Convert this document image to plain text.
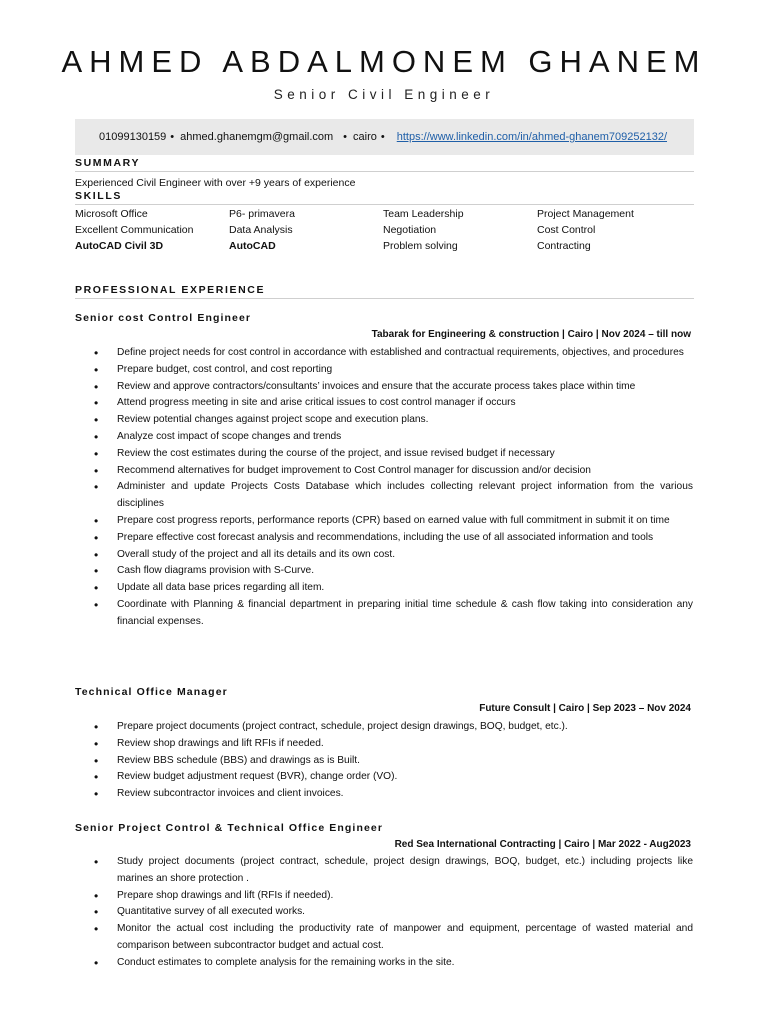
AHMED ABDALMONEM GHANEM
Senior Civil Engineer
01099130159 • ahmed.ghanemgm@gmail.com • cairo • https://www.linkedin.com/in/ahmed-ghanem709252132/
SUMMARY
Experienced Civil Engineer with over +9 years of experience
SKILLS
Microsoft Office	P6- primavera	Team Leadership	Project Management
Excellent Communication	Data Analysis	Negotiation	Cost Control
AutoCAD Civil 3D	AutoCAD	Problem solving	Contracting
PROFESSIONAL EXPERIENCE
Senior cost Control Engineer
Tabarak for Engineering & construction | Cairo | Nov 2024 – till now
• Define project needs for cost control in accordance with established and contractual requirements, objectives, and procedures
• Prepare budget, cost control, and cost reporting
• Review and approve contractors/consultants’ invoices and ensure that the accurate process takes place within time
• Attend progress meeting in site and arise critical issues to cost control manager if occurs
• Review potential changes against project scope and execution plans.
• Analyze cost impact of scope changes and trends
• Review the cost estimates during the course of the project, and issue revised budget if necessary
• Recommend alternatives for budget improvement to Cost Control manager for discussion and/or decision
• Administer and update Projects Costs Database which includes collecting relevant project information from the various disciplines
• Prepare cost progress reports, performance reports (CPR) based on earned value with full commitment in submit it on time
• Prepare effective cost forecast analysis and recommendations, including the use of all associated information and tools
• Overall study of the project and all its details and its own cost.
• Cash flow diagrams provision with S-Curve.
• Update all data base prices regarding all item.
• Coordinate with Planning & financial department in preparing initial time schedule & cash flow taking into consideration any financial expenses.
Technical Office Manager
Future Consult | Cairo | Sep 2023 – Nov 2024
• Prepare project documents (project contract, schedule, project design drawings, BOQ, budget, etc.).
• Review shop drawings and lift RFIs if needed.
• Review BBS schedule (BBS) and drawings as is Built.
• Review budget adjustment request (BVR), change order (VO).
• Review subcontractor invoices and client invoices.
Senior Project Control & Technical Office Engineer
Red Sea International Contracting | Cairo | Mar 2022 - Aug2023
• Study project documents (project contract, schedule, project design drawings, BOQ, budget, etc.) including projects like marines an shore protection .
• Prepare shop drawings and lift (RFIs if needed).
• Quantitative survey of all executed works.
• Monitor the actual cost including the productivity rate of manpower and equipment, percentage of wasted material and comparison between subcontractor budget and actual cost.
• Conduct estimates to complete analysis for the remaining works in the site.
